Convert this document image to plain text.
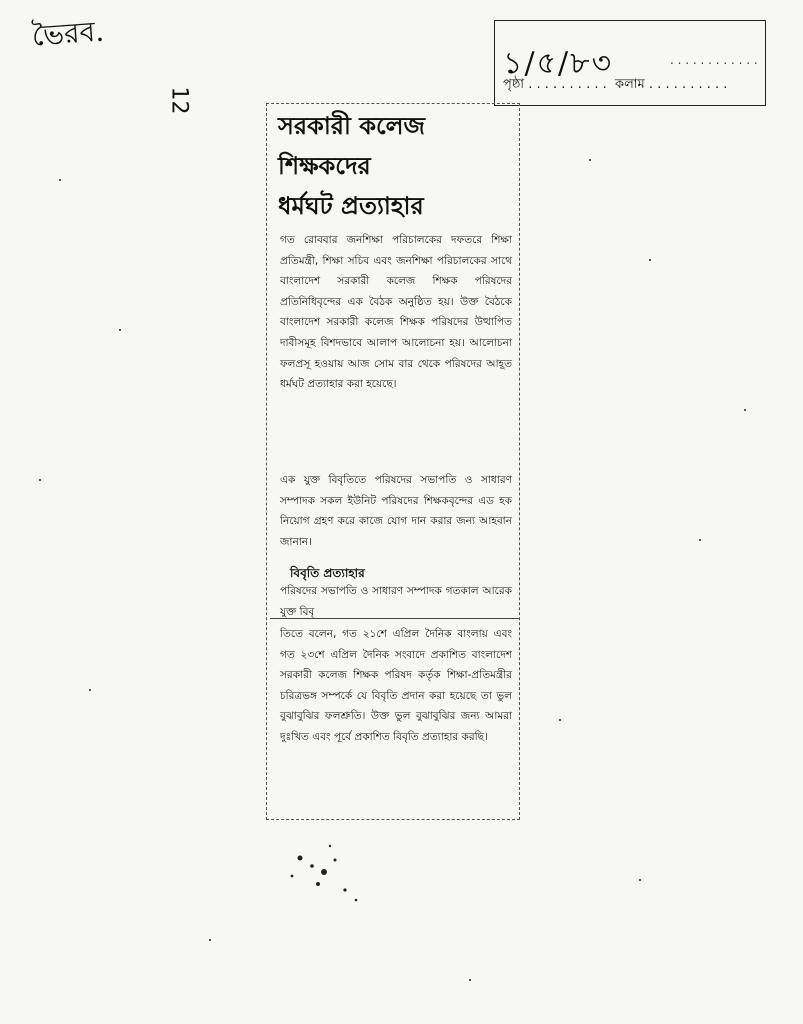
ভৈরব.
12
১/৫/৮৩	. . . . . . . . . . . .
পৃষ্ঠা . . . . . . . . . . কলাম . . . . . . . . . .
সরকারী কলেজ
শিক্ষকদের
ধর্মঘট প্রত্যাহার
গত রোববার জনশিক্ষা পরিচালকের দফতরে শিক্ষা প্রতিমন্ত্রী, শিক্ষা সচিব এবং জনশিক্ষা পরিচালকের সাথে বাংলাদেশ সরকারী কলেজ শিক্ষক পরিষদের প্রতিনিধিবৃন্দের এক বৈঠক অনুষ্ঠিত হয়। উক্ত বৈঠকে বাংলাদেশ সরকারী কলেজ শিক্ষক পরিষদের উত্থাপিত দাবীসমূহ বিশদভাবে আলাপ আলোচনা হয়। আলোচনা ফলপ্রসূ হওয়ায় আজ সোম বার থেকে পরিষদের আহূত ধর্মঘট প্রত্যাহার করা হয়েছে।
এক যুক্ত বিবৃতিতে পরিষদের সভাপতি ও সাধারণ সম্পাদক সকল ইউনিট পরিষদের শিক্ষকবৃন্দের এড হক নিয়োগ গ্রহণ করে কাজে যোগ দান করার জন্য আহবান জানান।
বিবৃতি প্রত্যাহার
পরিষদের সভাপতি ও সাধারণ সম্পাদক গতকাল আরেক যুক্ত বিবৃ
তিতে বলেন, গত ২১শে এপ্রিল দৈনিক বাংলায় এবং গত ২৩শে এপ্রিল দৈনিক সংবাদে প্রকাশিত বাংলাদেশ সরকারী কলেজ শিক্ষক পরিষদ কর্তৃক শিক্ষা-প্রতিমন্ত্রীর চরিত্রভঙ্গ সম্পর্কে যে বিবৃতি প্রদান করা হয়েছে তা ভুল বুঝাবুঝির ফলশ্রুতি। উক্ত ভুল বুঝাবুঝির জন্য আমরা দুঃখিত এবং পূর্বে প্রকাশিত বিবৃতি প্রত্যাহার করছি।
